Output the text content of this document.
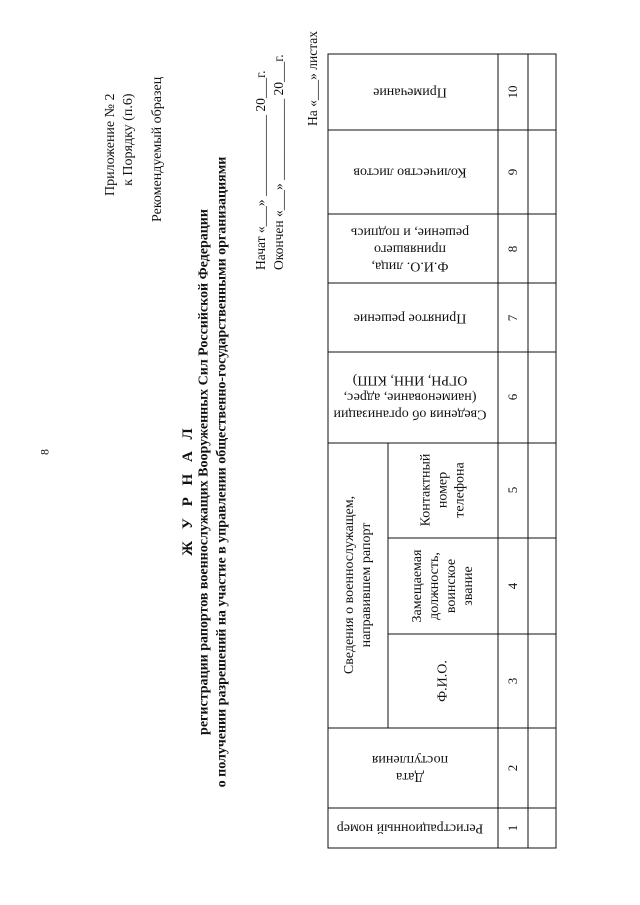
8
Приложение № 2 к Порядку (п.6) Рекомендуемый образец
Ж У Р Н А Л регистрации рапортов военнослужащих Вооруженных Сил Российской Федерации о получении разрешений на участие в управлении общественно-государственными организациями Начат «___» ____________ 20___г. Окончен «___» ____________ 20___г. На «___» листах
Регистрационный номер
Дата поступления
Сведения о военнослужащем, направившем рапорт
Ф.И.О.
Замещаемая должность, воинское звание
Контактный номер телефона
Сведения об организации (наименование, адрес, ОГРН, ИНН, КПП)
Принятое решение
Ф.И.О. лица, принявшего решение, и подпись
Количество листов
Примечание
1
2
3
4
5
6
7
8
9
10
